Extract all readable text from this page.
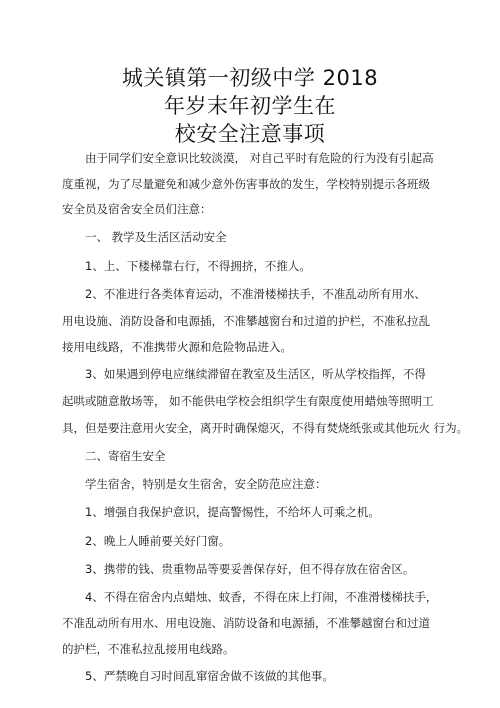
城关镇第一初级中学 2018
年岁末年初学生在
校安全注意事项
由于同学们安全意识比较淡漠， 对自己平时有危险的行为没有引起高
度重视，为了尽量避免和减少意外伤害事故的发生，学校特别提示各班级
安全员及宿舍安全员们注意：
一、 教学及生活区活动安全
1、上、下楼梯靠右行，不得拥挤，不推人。
2、不准进行各类体育运动，不准滑楼梯扶手，不准乱动所有用水、
用电设施、消防设备和电源插，不准攀越窗台和过道的护栏，不准私拉乱
接用电线路，不准携带火源和危险物品进入。
3、如果遇到停电应继续滞留在教室及生活区，听从学校指挥，不得
起哄或随意散场等， 如不能供电学校会组织学生有限度使用蜡烛等照明工
具，但是要注意用火安全，离开时确保熄灭，不得有焚烧纸张或其他玩火 行为。
二、寄宿生安全
学生宿舍，特别是女生宿舍，安全防范应注意：
1、增强自我保护意识，提高警惕性，不给坏人可乘之机。
2、晚上人睡前要关好门窗。
3、携带的钱、贵重物品等要妥善保存好，但不得存放在宿舍区。
4、不得在宿舍内点蜡烛、蚊香，不得在床上打闹，不准滑楼梯扶手，
不准乱动所有用水、用电设施、消防设备和电源插，不准攀越窗台和过道
的护栏，不准私拉乱接用电线路。
5、严禁晚自习时间乱窜宿舍做不该做的其他事。
